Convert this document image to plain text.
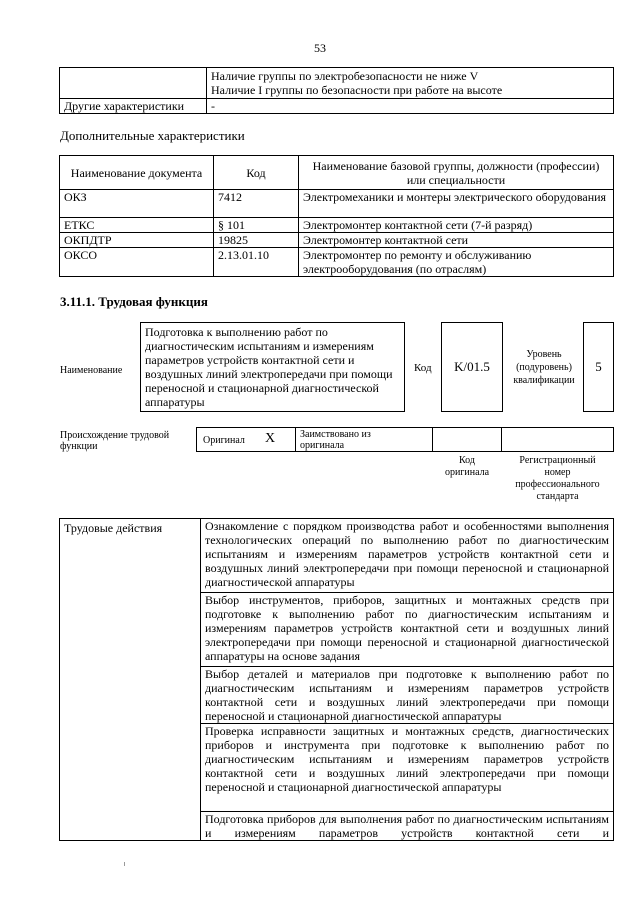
53

	Наличие группы по электробезопасности не ниже V
Наличие I группы по безопасности при работе на высоте

Другие характеристики	-
Дополнительные характеристики
Наименование документа	Код	Наименование базовой группы, должности (профессии) или специальности
ОКЗ	7412	Электромеханики и монтеры электрического оборудования
ЕТКС	§ 101	Электромонтер контактной сети (7-й разряд)
ОКПДТР	19825	Электромонтер контактной сети
ОКСО	2.13.01.10	Электромонтер по ремонту и обслуживанию электрооборудования (по отраслям)
3.11.1. Трудовая функция
Наименование
Подготовка к выполнению работ по диагностическим испытаниям и измерениям параметров устройств контактной сети и воздушных линий электропередачи при помощи переносной и стационарной диагностической аппаратуры
Код K/01.5
Уровень (подуровень) квалификации
5
Происхождение трудовой функции
Оригинал X Заимствовано из оригинала
Код оригинала
Регистрационный номер профессионального стандарта
Трудовые действия	Ознакомление с порядком производства работ и особенностями выполнения технологических операций по выполнению работ по диагностическим испытаниям и измерениям параметров устройств контактной сети и воздушных линий электропередачи при помощи переносной и стационарной диагностической аппаратуры
Выбор инструментов, приборов, защитных и монтажных средств при подготовке к выполнению работ по диагностическим испытаниям и измерениям параметров устройств контактной сети и воздушных линий электропередачи при помощи переносной и стационарной диагностической аппаратуры на основе задания
Выбор деталей и материалов при подготовке к выполнению работ по диагностическим испытаниям и измерениям параметров устройств контактной сети и воздушных линий электропередачи при помощи переносной и стационарной диагностической аппаратуры
Проверка исправности защитных и монтажных средств, диагностических приборов и инструмента при подготовке к выполнению работ по диагностическим испытаниям и измерениям параметров устройств контактной сети и воздушных линий электропередачи при помощи переносной и стационарной диагностической аппаратуры
Подготовка приборов для выполнения работ по диагностическим испытаниям и измерениям параметров устройств контактной сети и
